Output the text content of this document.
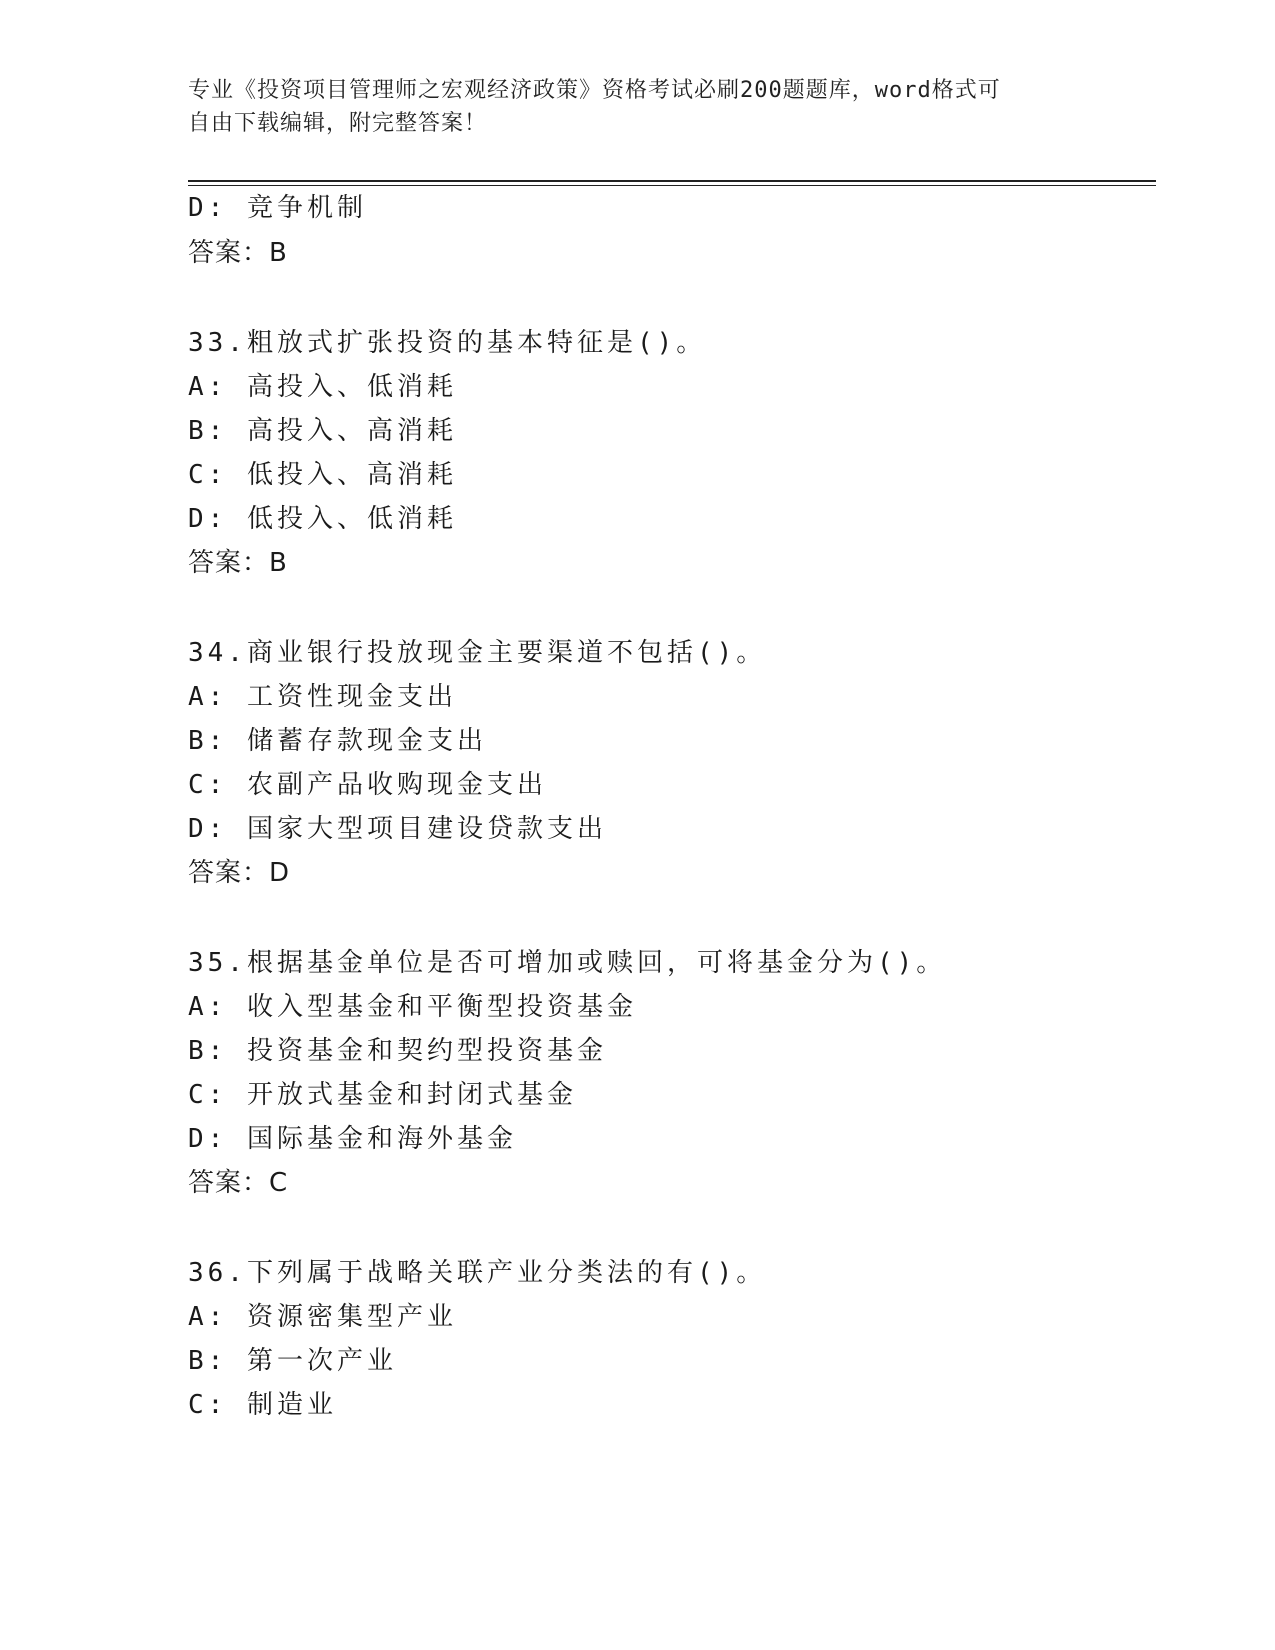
专业《投资项目管理师之宏观经济政策》资格考试必刷200题题库，word格式可
自由下载编辑，附完整答案！
D: 竞争机制
答案：B
33.粗放式扩张投资的基本特征是()。
A: 高投入、低消耗
B: 高投入、高消耗
C: 低投入、高消耗
D: 低投入、低消耗
答案：B
34.商业银行投放现金主要渠道不包括()。
A: 工资性现金支出
B: 储蓄存款现金支出
C: 农副产品收购现金支出
D: 国家大型项目建设贷款支出
答案：D
35.根据基金单位是否可增加或赎回，可将基金分为()。
A: 收入型基金和平衡型投资基金
B: 投资基金和契约型投资基金
C: 开放式基金和封闭式基金
D: 国际基金和海外基金
答案：C
36.下列属于战略关联产业分类法的有()。
A: 资源密集型产业
B: 第一次产业
C: 制造业
